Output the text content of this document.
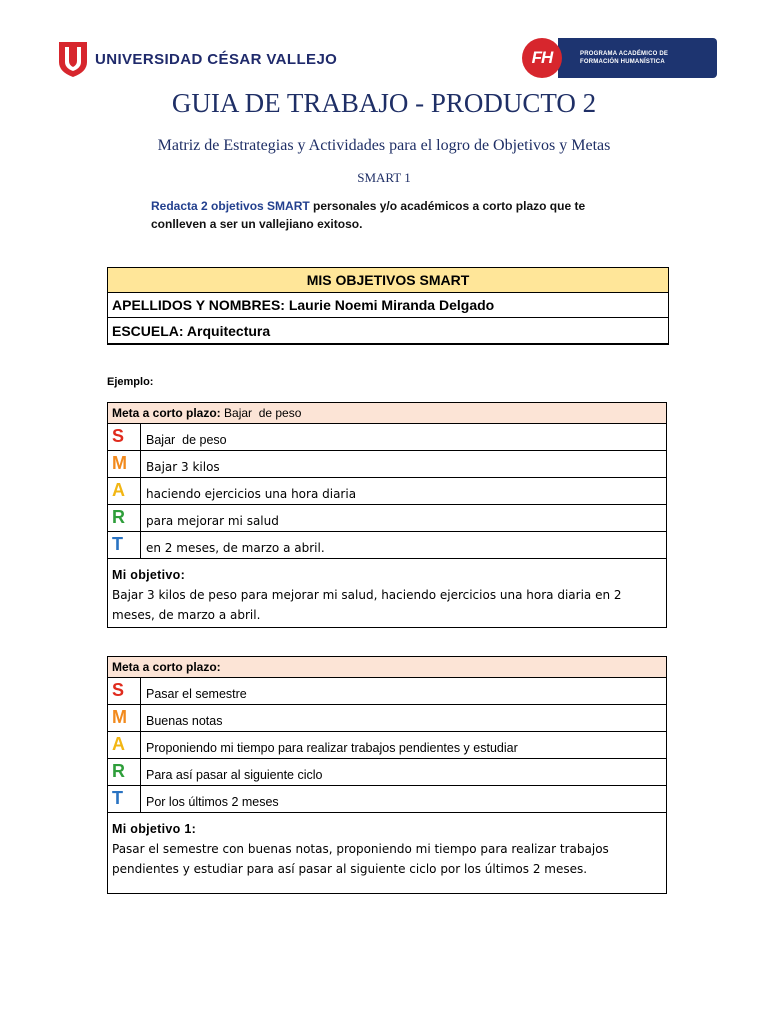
UNIVERSIDAD CÉSAR VALLEJO	FH	PROGRAMA ACADÉMICO DE
FORMACIÓN HUMANÍSTICA
GUIA DE TRABAJO - PRODUCTO 2
Matriz de Estrategias y Actividades para el logro de Objetivos y Metas
SMART 1
Redacta 2 objetivos SMART personales y/o académicos a corto plazo que te conlleven a ser un vallejiano exitoso.
MIS OBJETIVOS SMART
APELLIDOS Y NOMBRES: Laurie Noemi Miranda Delgado
ESCUELA: Arquitectura
Ejemplo:
Meta a corto plazo: Bajar  de peso
S	Bajar  de peso
M	Bajar 3 kilos
A	haciendo ejercicios una hora diaria
R	para mejorar mi salud
T	en 2 meses, de marzo a abril.
Mi objetivo:
Bajar 3 kilos de peso para mejorar mi salud, haciendo ejercicios una hora diaria en 2 meses, de marzo a abril.
Meta a corto plazo:
S	Pasar el semestre
M	Buenas notas
A	Proponiendo mi tiempo para realizar trabajos pendientes y estudiar
R	Para así pasar al siguiente ciclo
T	Por los últimos 2 meses
Mi objetivo 1:
Pasar el semestre con buenas notas, proponiendo mi tiempo para realizar trabajos pendientes y estudiar para así pasar al siguiente ciclo por los últimos 2 meses.
